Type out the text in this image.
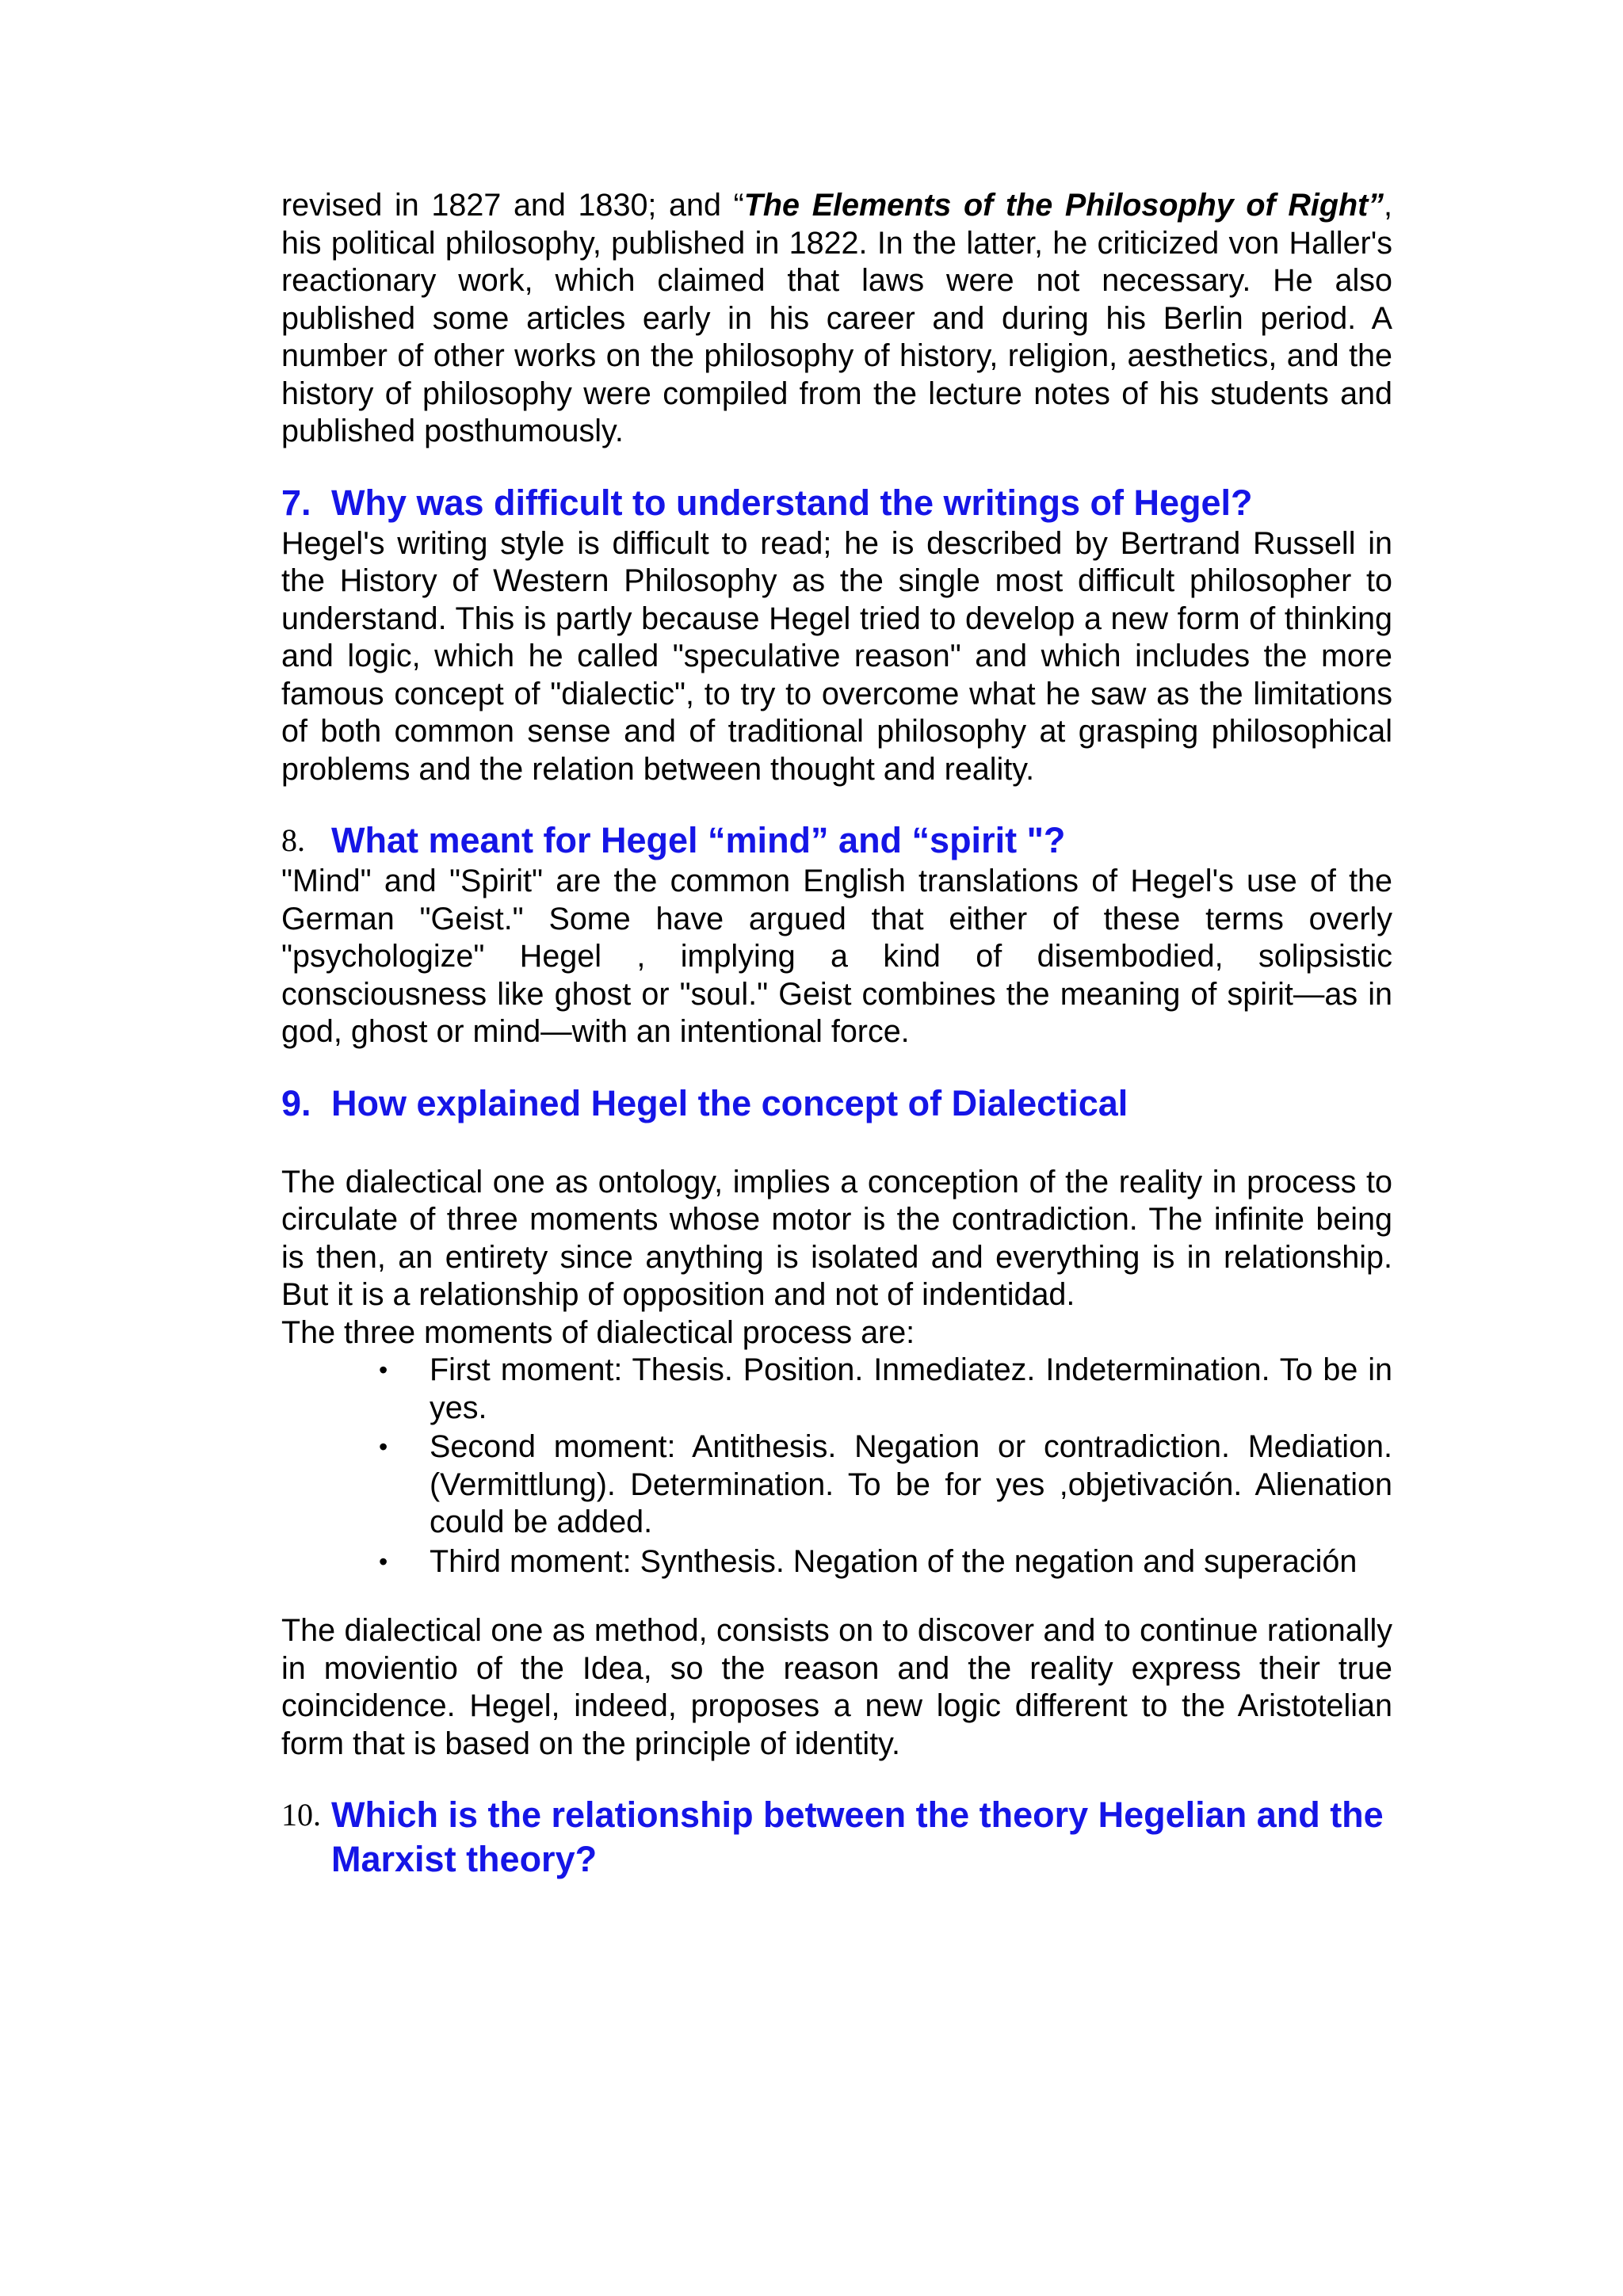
revised in 1827 and 1830; and “The Elements of the Philosophy of Right”, his political philosophy, published in 1822. In the latter, he criticized von Haller's reactionary work, which claimed that laws were not necessary. He also published some articles early in his career and during his Berlin period. A number of other works on the philosophy of history, religion, aesthetics, and the history of philosophy were compiled from the lecture notes of his students and published posthumously.

7. Why was difficult to understand the writings of Hegel?

Hegel's writing style is difficult to read; he is described by Bertrand Russell in the History of Western Philosophy as the single most difficult philosopher to understand. This is partly because Hegel tried to develop a new form of thinking and logic, which he called "speculative reason" and which includes the more famous concept of "dialectic", to try to overcome what he saw as the limitations of both common sense and of traditional philosophy at grasping philosophical problems and the relation between thought and reality.

8. What meant for Hegel “mind” and “spirit "?

"Mind" and "Spirit" are the common English translations of Hegel's use of the German "Geist." Some have argued that either of these terms overly "psychologize" Hegel , implying a kind of disembodied, solipsistic consciousness like ghost or "soul." Geist combines the meaning of spirit—as in god, ghost or mind—with an intentional force.

9. How explained Hegel the concept of Dialectical

The dialectical one as ontology, implies a conception of the reality in process to circulate of three moments whose motor is the contradiction. The infinite being is then, an entirety since anything is isolated and everything is in relationship. But it is a relationship of opposition and not of indentidad.

The three moments of dialectical process are:

• First moment: Thesis. Position. Inmediatez. Indetermination. To be in yes.
• Second moment: Antithesis. Negation or contradiction. Mediation. (Vermittlung). Determination. To be for yes ,objetivación. Alienation could be added.
• Third moment: Synthesis. Negation of the negation and superación

The dialectical one as method, consists on to discover and to continue rationally in movientio of the Idea, so the reason and the reality express their true coincidence. Hegel, indeed, proposes a new logic different to the Aristotelian form that is based on the principle of identity.

10. Which is the relationship between the theory Hegelian and the Marxist theory?
